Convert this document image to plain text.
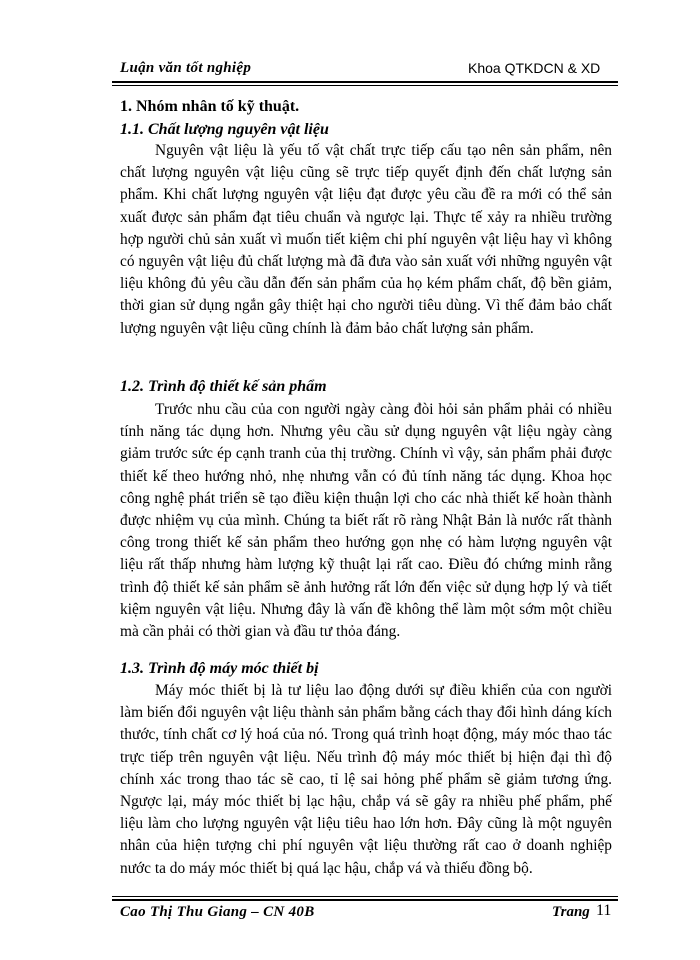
Luận văn tốt nghiệp	Khoa QTKDCN & XD
1. Nhóm nhân tố kỹ thuật.
1.1. Chất lượng nguyên vật liệu

Nguyên vật liệu là yếu tố vật chất trực tiếp cấu tạo nên sản phẩm, nên chất lượng nguyên vật liệu cũng sẽ trực tiếp quyết định đến chất lượng sản phẩm. Khi chất lượng nguyên vật liệu đạt được yêu cầu đề ra mới có thể sản xuất được sản phẩm đạt tiêu chuẩn và ngược lại. Thực tế xảy ra nhiều trường hợp người chủ sản xuất vì muốn tiết kiệm chi phí nguyên vật liệu hay vì không có nguyên vật liệu đủ chất lượng mà đã đưa vào sản xuất với những nguyên vật liệu không đủ yêu cầu dẫn đến sản phẩm của họ kém phẩm chất, độ bền giảm, thời gian sử dụng ngắn gây thiệt hại cho người tiêu dùng. Vì thế đảm bảo chất lượng nguyên vật liệu cũng chính là đảm bảo chất lượng sản phẩm.

1.2. Trình độ thiết kế sản phẩm

Trước nhu cầu của con người ngày càng đòi hỏi sản phẩm phải có nhiều tính năng tác dụng hơn. Nhưng yêu cầu sử dụng nguyên vật liệu ngày càng giảm trước sức ép cạnh tranh của thị trường. Chính vì vậy, sản phẩm phải được thiết kế theo hướng nhỏ, nhẹ nhưng vẫn có đủ tính năng tác dụng. Khoa học công nghệ phát triển sẽ tạo điều kiện thuận lợi cho các nhà thiết kế hoàn thành được nhiệm vụ của mình. Chúng ta biết rất rõ ràng Nhật Bản là nước rất thành công trong thiết kế sản phẩm theo hướng gọn nhẹ có hàm lượng nguyên vật liệu rất thấp nhưng hàm lượng kỹ thuật lại rất cao. Điều đó chứng minh rằng trình độ thiết kế sản phẩm sẽ ảnh hưởng rất lớn đến việc sử dụng hợp lý và tiết kiệm nguyên vật liệu. Nhưng đây là vấn đề không thể làm một sớm một chiều mà cần phải có thời gian và đầu tư thỏa đáng.

1.3. Trình độ máy móc thiết bị

Máy móc thiết bị là tư liệu lao động dưới sự điều khiển của con người làm biến đổi nguyên vật liệu thành sản phẩm bằng cách thay đổi hình dáng kích thước, tính chất cơ lý hoá của nó. Trong quá trình hoạt động, máy móc thao tác trực tiếp trên nguyên vật liệu. Nếu trình độ máy móc thiết bị hiện đại thì độ chính xác trong thao tác sẽ cao, tỉ lệ sai hỏng phế phẩm sẽ giảm tương ứng. Ngược lại, máy móc thiết bị lạc hậu, chắp vá sẽ gây ra nhiều phế phẩm, phế liệu làm cho lượng nguyên vật liệu tiêu hao lớn hơn. Đây cũng là một nguyên nhân của hiện tượng chi phí nguyên vật liệu thường rất cao ở doanh nghiệp nước ta do máy móc thiết bị quá lạc hậu, chắp vá và thiếu đồng bộ.

Cao Thị Thu Giang – CN 40B	Trang 11
